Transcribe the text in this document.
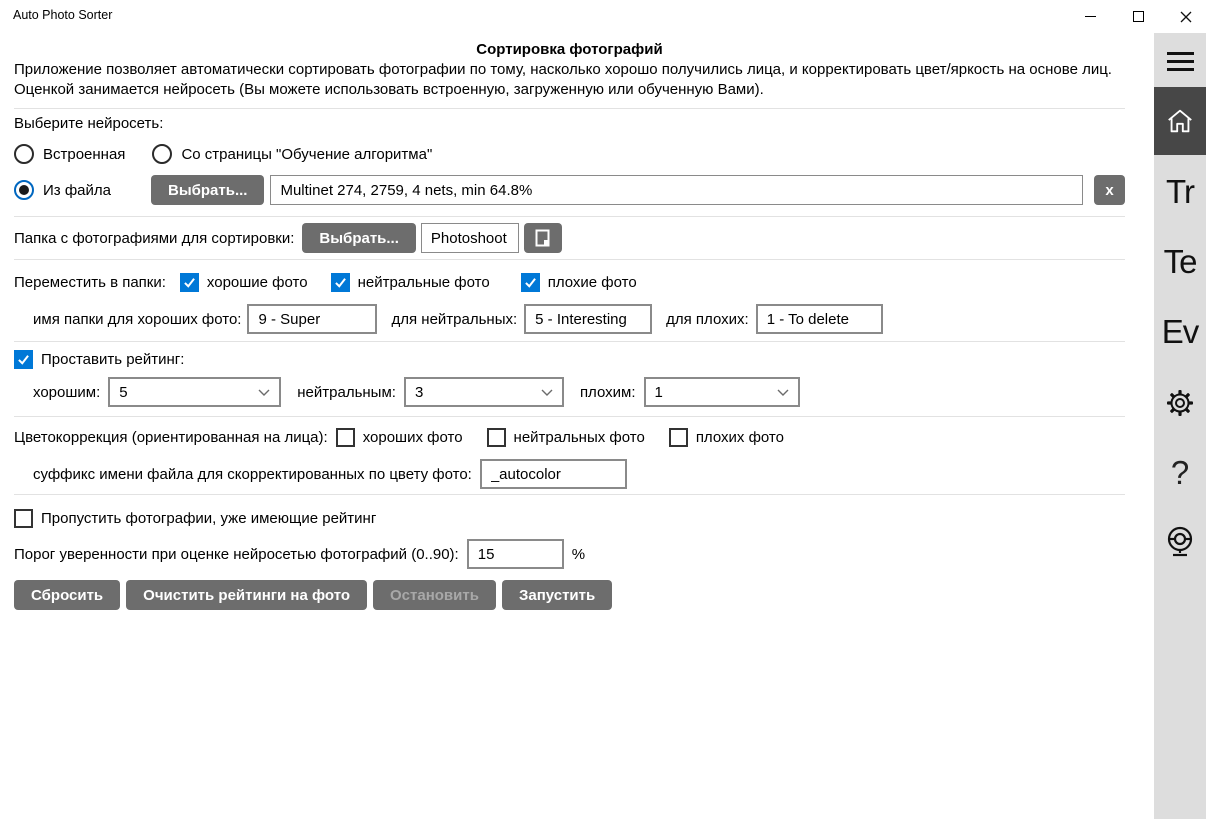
Auto Photo Sorter
Tr
Te
Ev
?
Сортировка фотографий
Приложение позволяет автоматически сортировать фотографии по тому, насколько хорошо получились лица, и корректировать цвет/яркость на основе лиц.
Оценкой занимается нейросеть (Вы можете использовать встроенную, загруженную или обученную Вами).
Выберите нейросеть:
Встроенная	Со страницы "Обучение алгоритма"
Из файла	Выбрать...
Multinet 274, 2759, 4 nets, min 64.8%	x
Папка с фотографиями для сортировки:	Выбрать...
Photoshoot
Переместить в папки:	хорошие фото	нейтральные фото	плохие фото
имя папки для хороших фото:
9 - Super	для нейтральных:
5 - Interesting	для плохих:
1 - To delete
Проставить рейтинг:
хорошим: 5	нейтральным: 3	плохим: 1
Цветокоррекция (ориентированная на лица): хороших фото	нейтральных фото	плохих фото
суффикс имени файла для скорректированных по цвету фото:
_autocolor
Пропустить фотографии, уже имеющие рейтинг
Порог уверенности при оценке нейросетью фотографий (0..90):
15	%
Сбросить	Очистить рейтинги на фото	Остановить	Запустить
